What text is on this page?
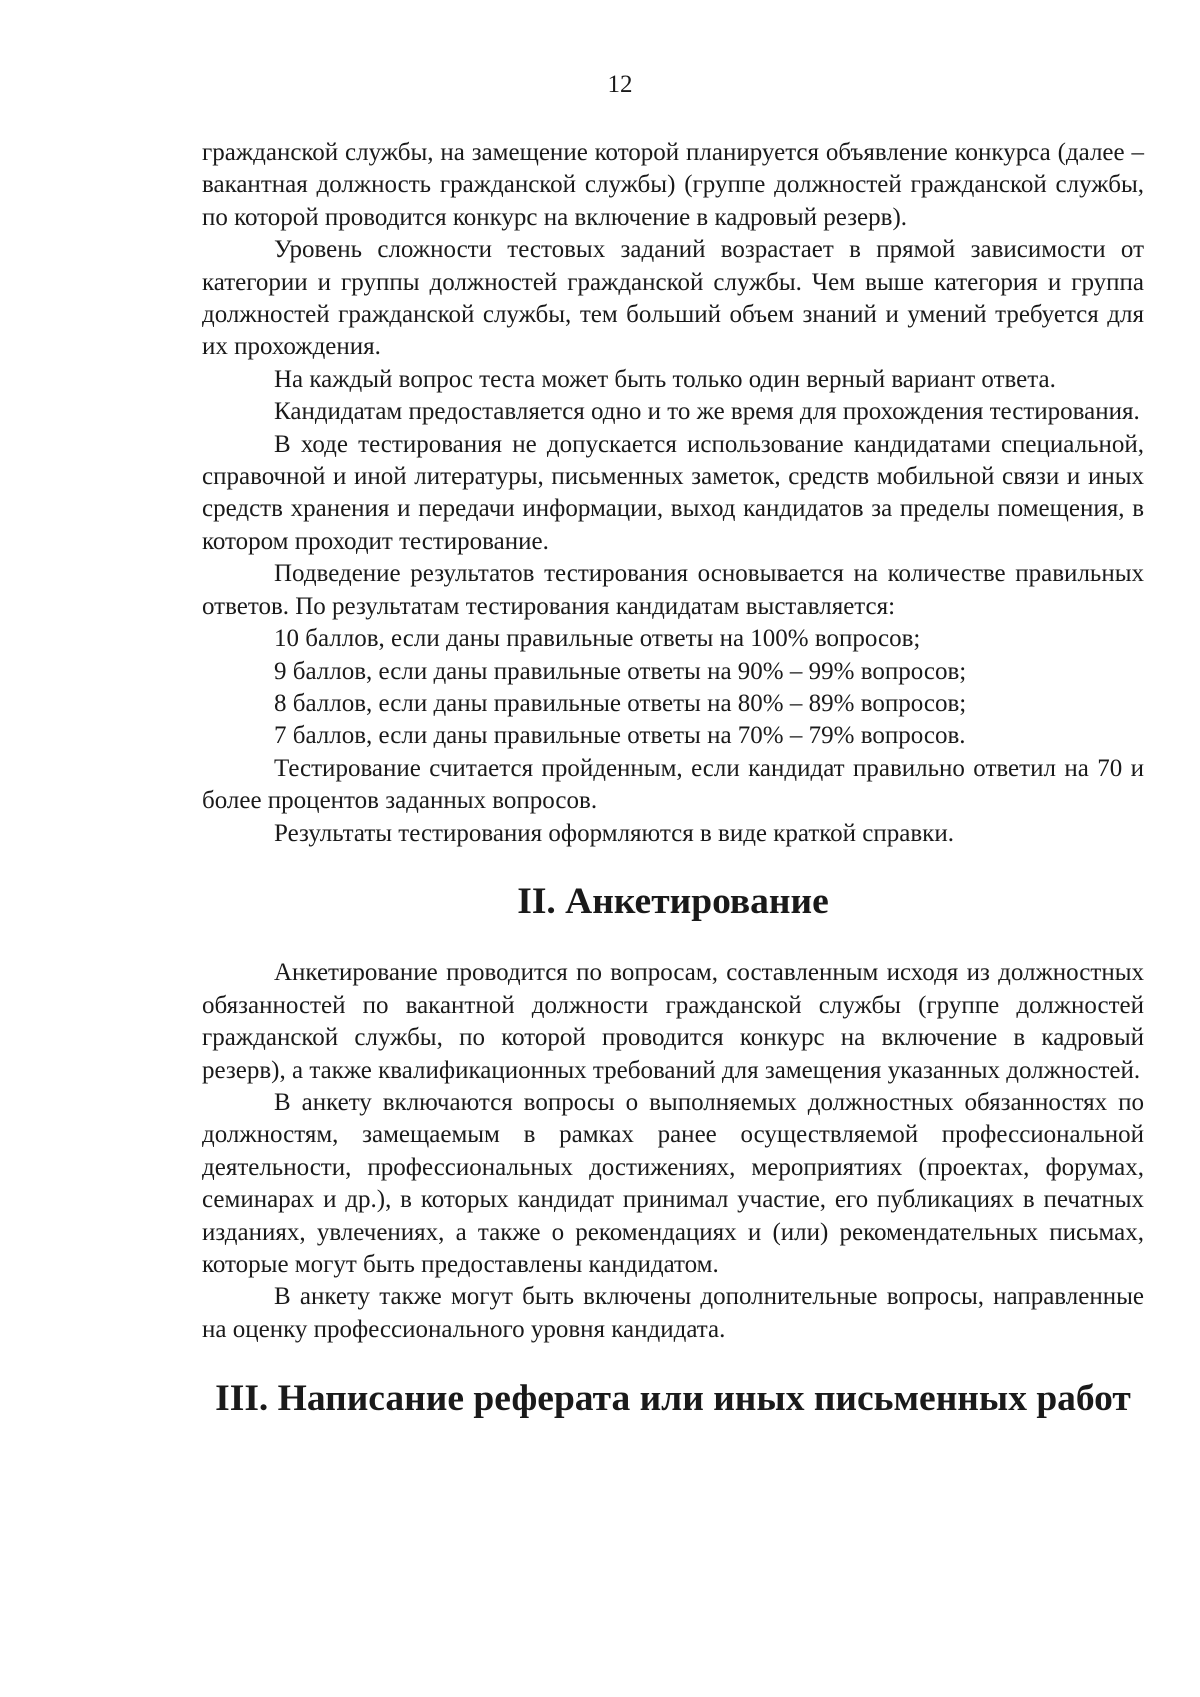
12

гражданской службы, на замещение которой планируется объявление конкурса (далее – вакантная должность гражданской службы) (группе должностей гражданской службы, по которой проводится конкурс на включение в кадровый резерв).

Уровень сложности тестовых заданий возрастает в прямой зависимости от категории и группы должностей гражданской службы. Чем выше категория и группа должностей гражданской службы, тем больший объем знаний и умений требуется для их прохождения.

На каждый вопрос теста может быть только один верный вариант ответа.

Кандидатам предоставляется одно и то же время для прохождения тестирования.

В ходе тестирования не допускается использование кандидатами специальной, справочной и иной литературы, письменных заметок, средств мобильной связи и иных средств хранения и передачи информации, выход кандидатов за пределы помещения, в котором проходит тестирование.

Подведение результатов тестирования основывается на количестве правильных ответов. По результатам тестирования кандидатам выставляется:

10 баллов, если даны правильные ответы на 100% вопросов;

9 баллов, если даны правильные ответы на 90% – 99% вопросов;

8 баллов, если даны правильные ответы на 80% – 89% вопросов;

7 баллов, если даны правильные ответы на 70% – 79% вопросов.

Тестирование считается пройденным, если кандидат правильно ответил на 70 и более процентов заданных вопросов.

Результаты тестирования оформляются в виде краткой справки.

II. Анкетирование

Анкетирование проводится по вопросам, составленным исходя из должностных обязанностей по вакантной должности гражданской службы (группе должностей гражданской службы, по которой проводится конкурс на включение в кадровый резерв), а также квалификационных требований для замещения указанных должностей.

В анкету включаются вопросы о выполняемых должностных обязанностях по должностям, замещаемым в рамках ранее осуществляемой профессиональной деятельности, профессиональных достижениях, мероприятиях (проектах, форумах, семинарах и др.), в которых кандидат принимал участие, его публикациях в печатных изданиях, увлечениях, а также о рекомендациях и (или) рекомендательных письмах, которые могут быть предоставлены кандидатом.

В анкету также могут быть включены дополнительные вопросы, направленные на оценку профессионального уровня кандидата.

III. Написание реферата или иных письменных работ
